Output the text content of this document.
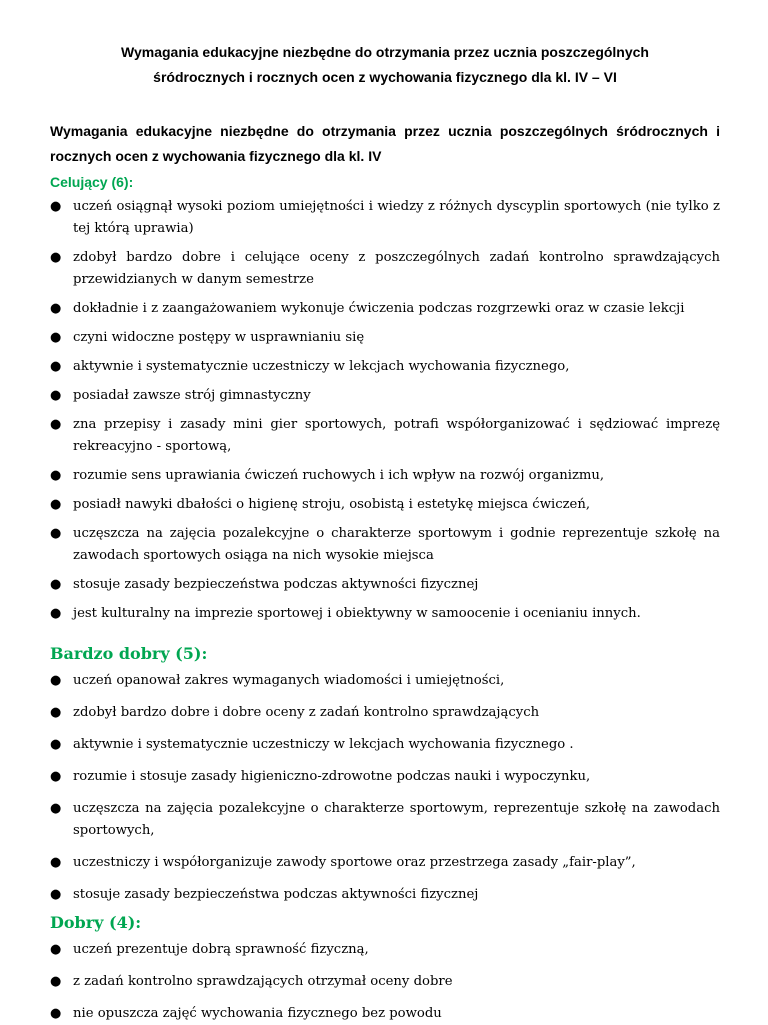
Wymagania edukacyjne niezbędne do otrzymania przez ucznia poszczególnych
śródrocznych i rocznych ocen z wychowania fizycznego dla kl. IV – VI

Wymagania edukacyjne niezbędne do otrzymania przez ucznia poszczególnych śródrocznych i rocznych ocen z wychowania fizycznego dla kl. IV

Celujący (6):

● uczeń osiągnął wysoki poziom umiejętności i wiedzy z różnych dyscyplin sportowych (nie tylko z tej którą uprawia)
● zdobył bardzo dobre i celujące oceny z poszczególnych zadań kontrolno sprawdzających przewidzianych w danym semestrze
● dokładnie i z zaangażowaniem wykonuje ćwiczenia podczas rozgrzewki oraz w czasie lekcji
● czyni widoczne postępy w usprawnianiu się
● aktywnie i systematycznie uczestniczy w lekcjach wychowania fizycznego,
● posiadał zawsze strój gimnastyczny
● zna przepisy i zasady mini gier sportowych, potrafi współorganizować i sędziować imprezę rekreacyjno - sportową,
● rozumie sens uprawiania ćwiczeń ruchowych i ich wpływ na rozwój organizmu,
● posiadł nawyki dbałości o higienę stroju, osobistą i estetykę miejsca ćwiczeń,
● uczęszcza na zajęcia pozalekcyjne o charakterze sportowym i godnie reprezentuje szkołę na zawodach sportowych osiąga na nich wysokie miejsca
● stosuje zasady bezpieczeństwa podczas aktywności fizycznej
● jest kulturalny na imprezie sportowej i obiektywny w samoocenie i ocenianiu innych.

Bardzo dobry (5):

● uczeń opanował zakres wymaganych wiadomości i umiejętności,
● zdobył bardzo dobre i dobre oceny z zadań kontrolno sprawdzających
● aktywnie i systematycznie uczestniczy w lekcjach wychowania fizycznego .
● rozumie i stosuje zasady higieniczno-zdrowotne podczas nauki i wypoczynku,
● uczęszcza na zajęcia pozalekcyjne o charakterze sportowym, reprezentuje szkołę na zawodach sportowych,
● uczestniczy i współorganizuje zawody sportowe oraz przestrzega zasady „fair-play”,
● stosuje zasady bezpieczeństwa podczas aktywności fizycznej

Dobry (4):

● uczeń prezentuje dobrą sprawność fizyczną,
● z zadań kontrolno sprawdzających otrzymał oceny dobre
● nie opuszcza zajęć wychowania fizycznego bez powodu
